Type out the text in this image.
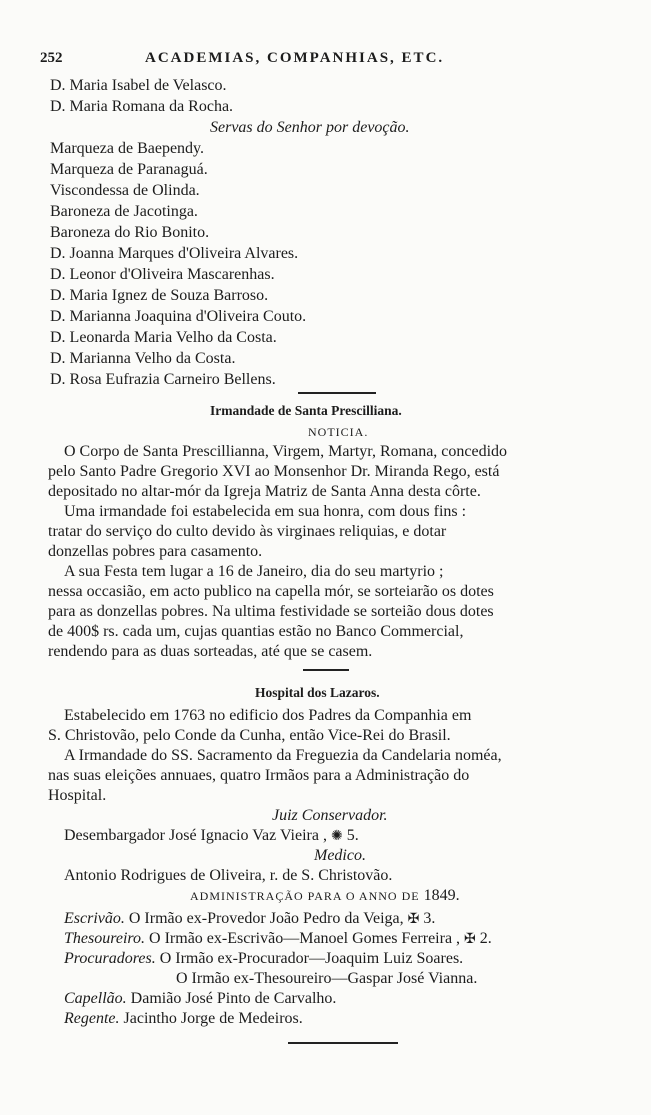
252	ACADEMIAS, COMPANHIAS, ETC.
D. Maria Isabel de Velasco.
D. Maria Romana da Rocha.
Servas do Senhor por devoção.
Marqueza de Baependy.
Marqueza de Paranaguá.
Viscondessa de Olinda.
Baroneza de Jacotinga.
Baroneza do Rio Bonito.
D. Joanna Marques d'Oliveira Alvares.
D. Leonor d'Oliveira Mascarenhas.
D. Maria Ignez de Souza Barroso.
D. Marianna Joaquina d'Oliveira Couto.
D. Leonarda Maria Velho da Costa.
D. Marianna Velho da Costa.
D. Rosa Eufrazia Carneiro Bellens.
Irmandade de Santa Prescilliana.
NOTICIA.
O Corpo de Santa Prescillianna, Virgem, Martyr, Romana, concedido
pelo Santo Padre Gregorio XVI ao Monsenhor Dr. Miranda Rego, está
depositado no altar-mór da Igreja Matriz de Santa Anna desta côrte.
Uma irmandade foi estabelecida em sua honra, com dous fins :
tratar do serviço do culto devido às virginaes reliquias, e dotar
donzellas pobres para casamento.
A sua Festa tem lugar a 16 de Janeiro, dia do seu martyrio ;
nessa occasião, em acto publico na capella mór, se sorteiarão os dotes
para as donzellas pobres. Na ultima festividade se sorteião dous dotes
de 400$ rs. cada um, cujas quantias estão no Banco Commercial,
rendendo para as duas sorteadas, até que se casem.
Hospital dos Lazaros.
Estabelecido em 1763 no edificio dos Padres da Companhia em
S. Christovão, pelo Conde da Cunha, então Vice-Rei do Brasil.
A Irmandade do SS. Sacramento da Freguezia da Candelaria noméa,
nas suas eleições annuaes, quatro Irmãos para a Administração do
Hospital.
Juiz Conservador.
Desembargador José Ignacio Vaz Vieira , ✺ 5.
Medico.
Antonio Rodrigues de Oliveira, r. de S. Christovão.
ADMINISTRAÇÃO PARA O ANNO DE 1849.
Escrivão. O Irmão ex-Provedor João Pedro da Veiga, ✠ 3.
Thesoureiro. O Irmão ex-Escrivão—Manoel Gomes Ferreira , ✠ 2.
Procuradores. O Irmão ex-Procurador—Joaquim Luiz Soares.
O Irmão ex-Thesoureiro—Gaspar José Vianna.
Capellão. Damião José Pinto de Carvalho.
Regente. Jacintho Jorge de Medeiros.
